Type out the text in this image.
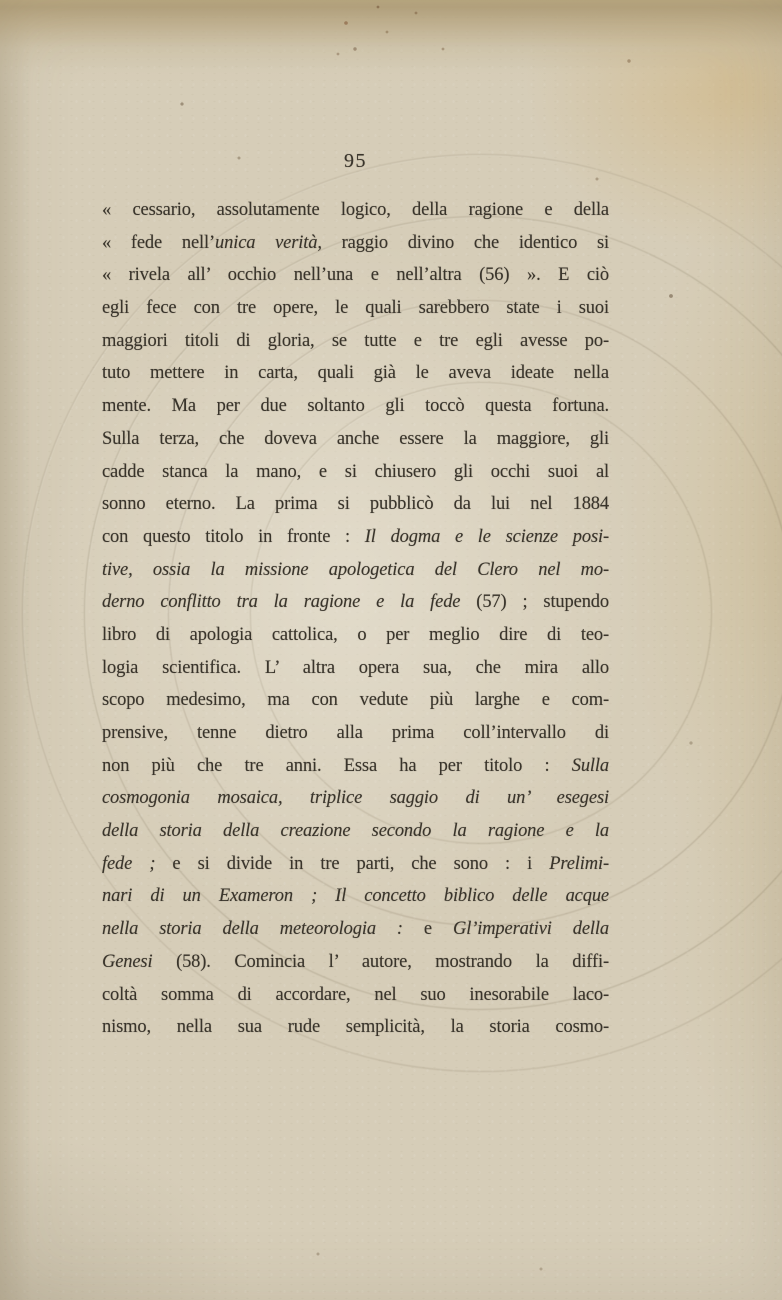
95
« cessario, assolutamente logico, della ragione e della
« fede nell’unica verità, raggio divino che identico si
« rivela all’ occhio nell’una e nell’altra (56) ». E ciò
egli fece con tre opere, le quali sarebbero state i suoi
maggiori titoli di gloria, se tutte e tre egli avesse po-
tuto mettere in carta, quali già le aveva ideate nella
mente. Ma per due soltanto gli toccò questa fortuna.
Sulla terza, che doveva anche essere la maggiore, gli
cadde stanca la mano, e si chiusero gli occhi suoi al
sonno eterno. La prima si pubblicò da lui nel 1884
con questo titolo in fronte : Il dogma e le scienze posi-
tive, ossia la missione apologetica del Clero nel mo-
derno conflitto tra la ragione e la fede (57) ; stupendo
libro di apologia cattolica, o per meglio dire di teo-
logia scientifica. L’ altra opera sua, che mira allo
scopo medesimo, ma con vedute più larghe e com-
prensive, tenne dietro alla prima coll’intervallo di
non più che tre anni. Essa ha per titolo : Sulla
cosmogonia mosaica, triplice saggio di un’ esegesi
della storia della creazione secondo la ragione e la
fede ; e si divide in tre parti, che sono : i Prelimi-
nari di un Exameron ; Il concetto biblico delle acque
nella storia della meteorologia : e Gl’imperativi della
Genesi (58). Comincia l’ autore, mostrando la diffi-
coltà somma di accordare, nel suo inesorabile laco-
nismo, nella sua rude semplicità, la storia cosmo-
